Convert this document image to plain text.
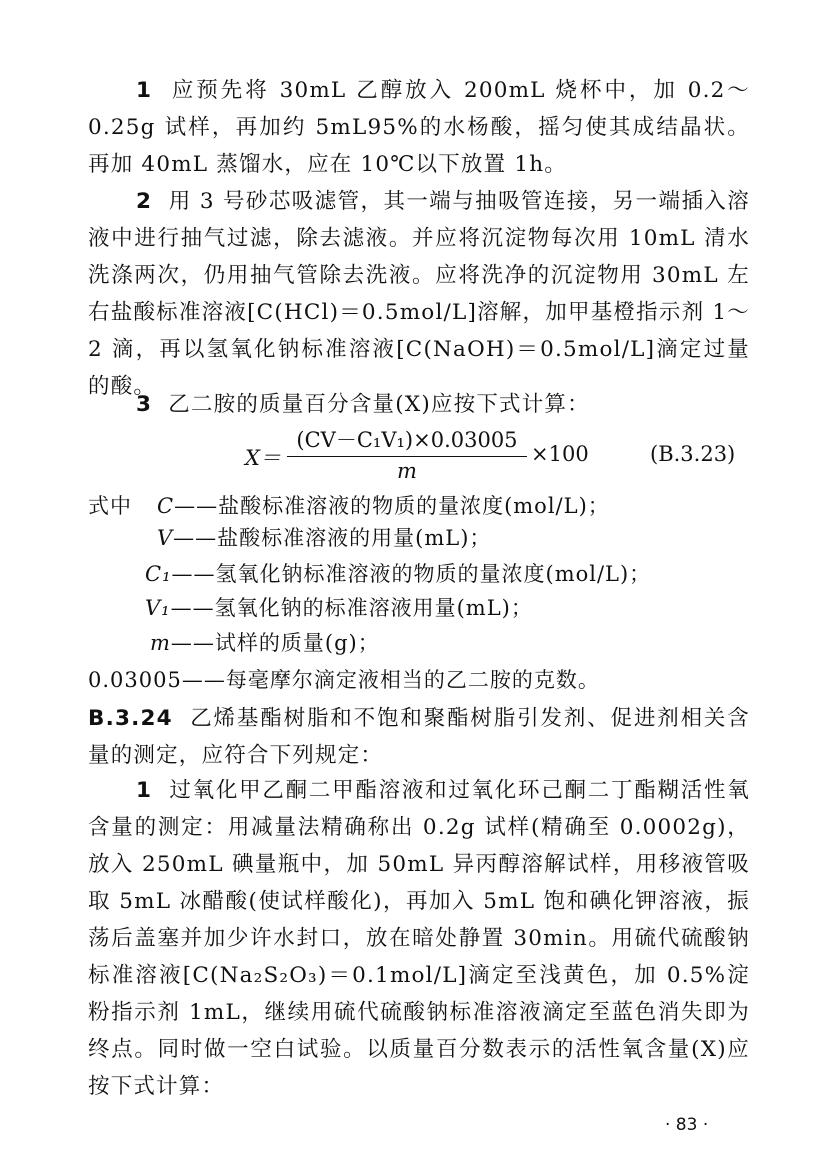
1 应预先将 30mL 乙醇放入 200mL 烧杯中，加 0.2～0.25g 试样，再加约 5mL95%的水杨酸，摇匀使其成结晶状。再加 40mL 蒸馏水，应在 10℃以下放置 1h。
2 用 3 号砂芯吸滤管，其一端与抽吸管连接，另一端插入溶液中进行抽气过滤，除去滤液。并应将沉淀物每次用 10mL 清水洗涤两次，仍用抽气管除去洗液。应将洗净的沉淀物用 30mL 左右盐酸标准溶液[C(HCl)＝0.5mol/L]溶解，加甲基橙指示剂 1～2 滴，再以氢氧化钠标准溶液[C(NaOH)＝0.5mol/L]滴定过量的酸。
3 乙二胺的质量百分含量(X)应按下式计算：
$X= \frac{\text{(CV－C₁V₁)×0.03005}}{m} \times 100$	(B.3.23)
式中 C——盐酸标准溶液的物质的量浓度(mol/L)；
V——盐酸标准溶液的用量(mL)；
C₁——氢氧化钠标准溶液的物质的量浓度(mol/L)；
V₁——氢氧化钠的标准溶液用量(mL)；
m——试样的质量(g)；
0.03005——每毫摩尔滴定液相当的乙二胺的克数。
B.3.24 乙烯基酯树脂和不饱和聚酯树脂引发剂、促进剂相关含量的测定，应符合下列规定：
1 过氧化甲乙酮二甲酯溶液和过氧化环己酮二丁酯糊活性氧含量的测定：用减量法精确称出 0.2g 试样(精确至 0.0002g)，放入 250mL 碘量瓶中，加 50mL 异丙醇溶解试样，用移液管吸取 5mL 冰醋酸(使试样酸化)，再加入 5mL 饱和碘化钾溶液，振荡后盖塞并加少许水封口，放在暗处静置 30min。用硫代硫酸钠标准溶液[C(Na₂S₂O₃)＝0.1mol/L]滴定至浅黄色，加 0.5%淀粉指示剂 1mL，继续用硫代硫酸钠标准溶液滴定至蓝色消失即为终点。同时做一空白试验。以质量百分数表示的活性氧含量(X)应按下式计算：
· 83 ·
